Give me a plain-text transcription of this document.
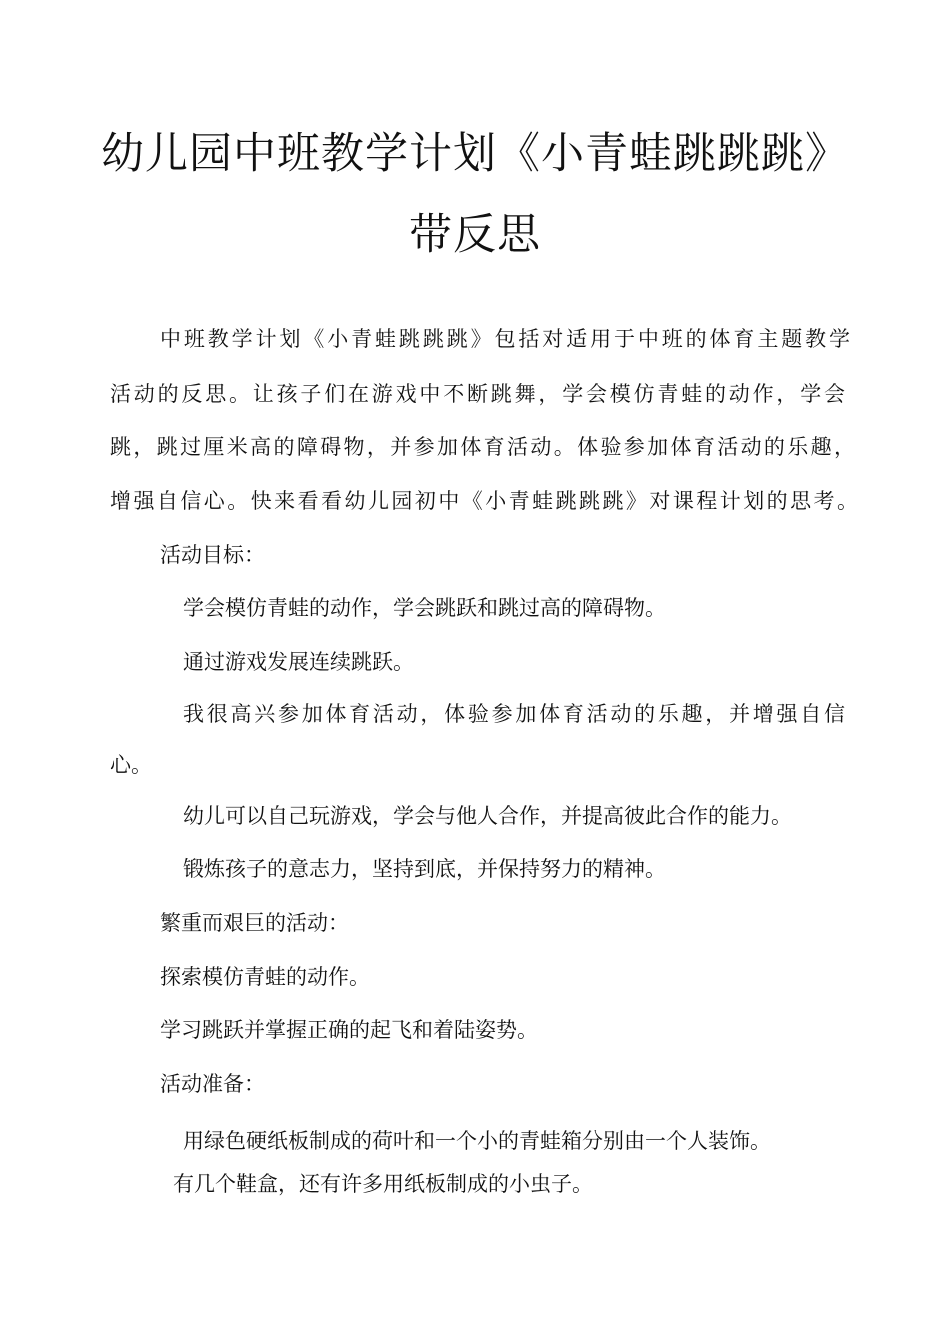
幼儿园中班教学计划《小青蛙跳跳跳》
带反思
中班教学计划《小青蛙跳跳跳》包括对适用于中班的体育主题教学
活动的反思。让孩子们在游戏中不断跳舞，学会模仿青蛙的动作，学会
跳，跳过厘米高的障碍物，并参加体育活动。体验参加体育活动的乐趣，
增强自信心。快来看看幼儿园初中《小青蛙跳跳跳》对课程计划的思考。
活动目标：
学会模仿青蛙的动作，学会跳跃和跳过高的障碍物。
通过游戏发展连续跳跃。
我很高兴参加体育活动，体验参加体育活动的乐趣，并增强自信
心。
幼儿可以自己玩游戏，学会与他人合作，并提高彼此合作的能力。
锻炼孩子的意志力，坚持到底，并保持努力的精神。
繁重而艰巨的活动：
探索模仿青蛙的动作。
学习跳跃并掌握正确的起飞和着陆姿势。
活动准备：
用绿色硬纸板制成的荷叶和一个小的青蛙箱分别由一个人装饰。
有几个鞋盒，还有许多用纸板制成的小虫子。
